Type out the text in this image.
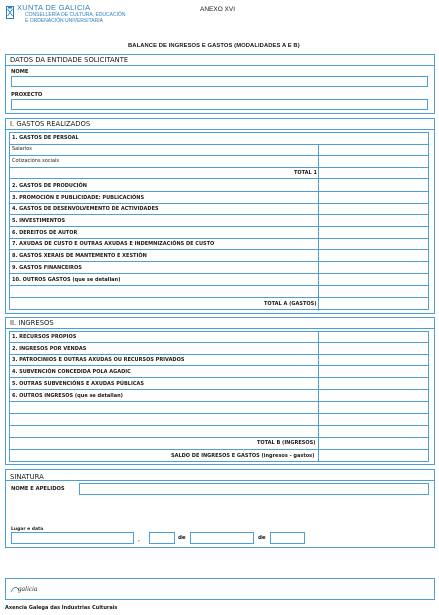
XUNTA DE GALICIA
CONSELLERÍA DE CULTURA, EDUCACIÓN
E ORDENACIÓN UNIVERSITARIA
ANEXO XVI
BALANCE DE INGRESOS E GASTOS (MODALIDADES A E B)
DATOS DA ENTIDADE SOLICITANTE
NOME
PROXECTO
I. GASTOS REALIZADOS
1. GASTOS DE PERSOAL
Salarios
Cotizacións sociais
TOTAL 1
2. GASTOS DE PRODUCIÓN
3. PROMOCIÓN E PUBLICIDADE: PUBLICACIÓNS
4. GASTOS DE DESENVOLVEMENTO DE ACTIVIDADES
5. INVESTIMENTOS
6. DEREITOS DE AUTOR
7. AXUDAS DE CUSTO E OUTRAS AXUDAS E INDEMNIZACIÓNS DE CUSTO
8. GASTOS XERAIS DE MANTEMENTO E XESTIÓN
9. GASTOS FINANCEIROS
10. OUTROS GASTOS (que se detallan)
TOTAL A (GASTOS)
II. INGRESOS
1. RECURSOS PROPIOS
2. INGRESOS POR VENDAS
3. PATROCINIOS E OUTRAS AXUDAS OU RECURSOS PRIVADOS
4. SUBVENCIÓN CONCEDIDA POLA AGADIC
5. OUTRAS SUBVENCIÓNS E AXUDAS PÚBLICAS
6. OUTROS INGRESOS (que se detallan)
TOTAL B (INGRESOS)
SALDO DE INGRESOS E GASTOS (ingresos - gastos)
SINATURA
NOME E APELIDOS
Lugar e data
,	de	de
galicia
Axencia Galega das Industrias Culturais
